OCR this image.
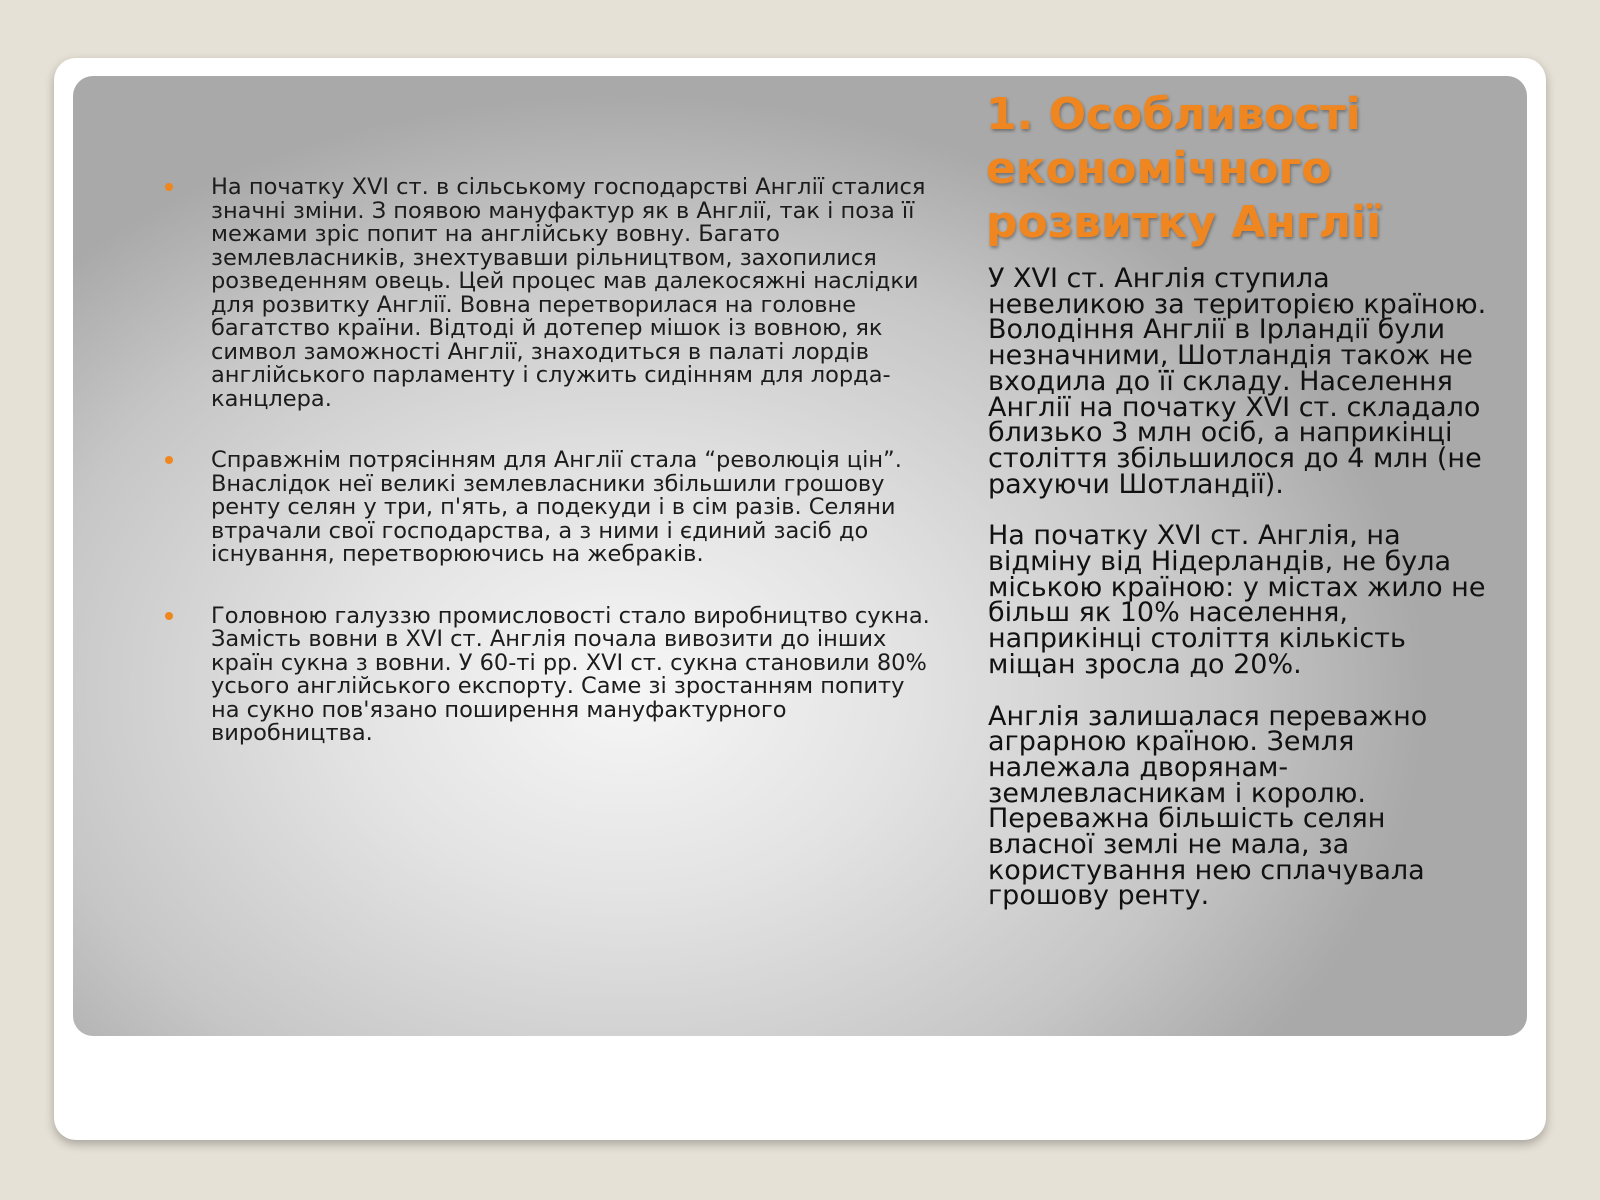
На початку XVI ст. в сільському господарстві Англії сталися значні зміни. З появою мануфактур як в Англії, так і поза її межами зріс попит на англійську вовну. Багато землевласників, знехтувавши рільництвом, захопилися розведенням овець. Цей процес мав далекосяжні наслідки для розвитку Англії. Вовна перетворилася на головне багатство країни. Відтоді й дотепер мішок із вовною, як символ заможності Англії, знаходиться в палаті лордів англійського парламенту і служить сидінням для лорда-канцлера.
Справжнім потрясінням для Англії стала “революція цін”. Внаслідок неї великі землевласники збільшили грошову ренту селян у три, п'ять, а подекуди і в сім разів. Селяни втрачали свої господарства, а з ними і єдиний засіб до існування, перетворюючись на жебраків.
Головною галуззю промисловості стало виробництво сукна. Замість вовни в XVI ст. Англія почала вивозити до інших країн сукна з вовни. У 60-ті рр. XVI ст. сукна становили 80% усього англійського експорту. Саме зі зростанням попиту на сукно пов'язано поширення мануфактурного виробництва.
1. Особливості економічного розвитку Англії

У XVI ст. Англія ступила невеликою за територією країною. Володіння Англії в Ірландії були незначними, Шотландія також не входила до її складу. Населення Англії на початку XVI ст. складало близько 3 млн осіб, а наприкінці століття збільшилося до 4 млн (не рахуючи Шотландії).

На початку XVI ст. Англія, на відміну від Нідерландів, не була міською країною: у містах жило не більш як 10% населення, наприкінці століття кількість міщан зросла до 20%.

Англія залишалася переважно аграрною країною. Земля належала дворянам-землевласникам і королю. Переважна більшість селян власної землі не мала, за користування нею сплачувала грошову ренту.
